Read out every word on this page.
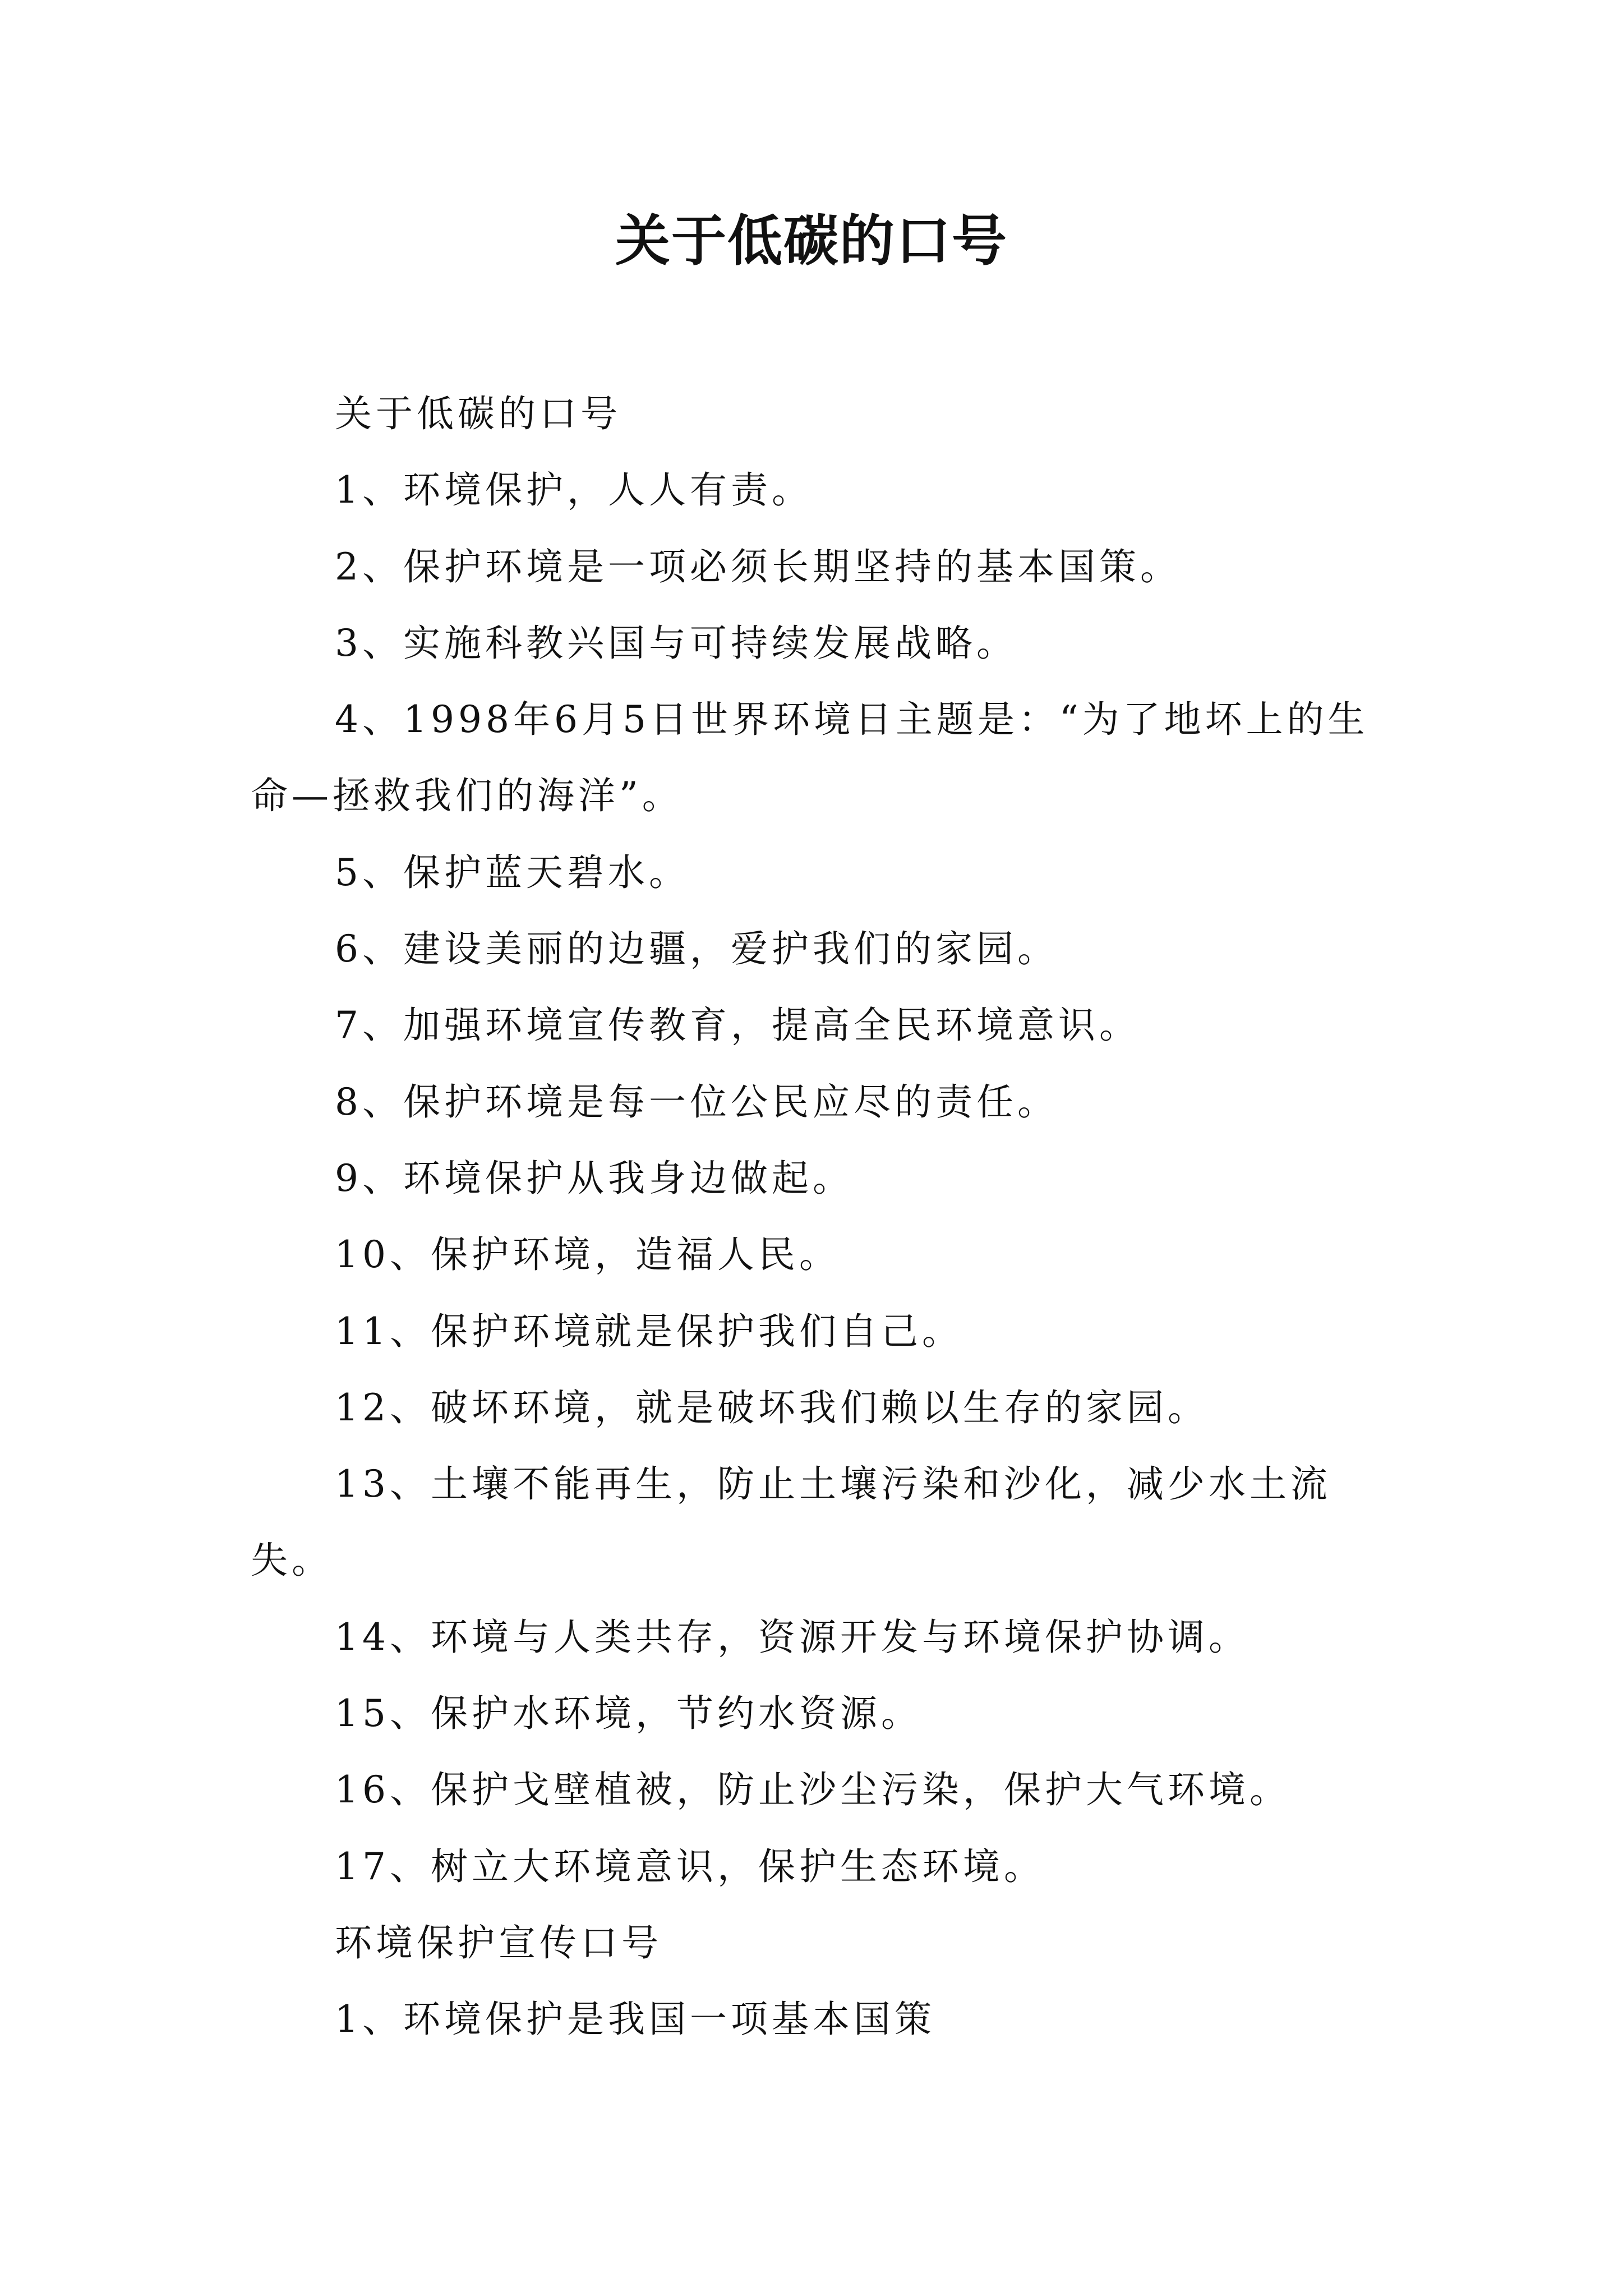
关于低碳的口号

关于低碳的口号

1、环境保护，人人有责。

2、保护环境是一项必须长期坚持的基本国策。

3、实施科教兴国与可持续发展战略。

4、1998年6月5日世界环境日主题是：“为了地坏上的生命—拯救我们的海洋”。

5、保护蓝天碧水。

6、建设美丽的边疆，爱护我们的家园。

7、加强环境宣传教育，提高全民环境意识。

8、保护环境是每一位公民应尽的责任。

9、环境保护从我身边做起。

10、保护环境，造福人民。

11、保护环境就是保护我们自己。

12、破坏环境，就是破坏我们赖以生存的家园。

13、土壤不能再生，防止土壤污染和沙化，减少水土流失。

14、环境与人类共存，资源开发与环境保护协调。

15、保护水环境，节约水资源。

16、保护戈壁植被，防止沙尘污染，保护大气环境。

17、树立大环境意识，保护生态环境。

环境保护宣传口号

1、环境保护是我国一项基本国策
